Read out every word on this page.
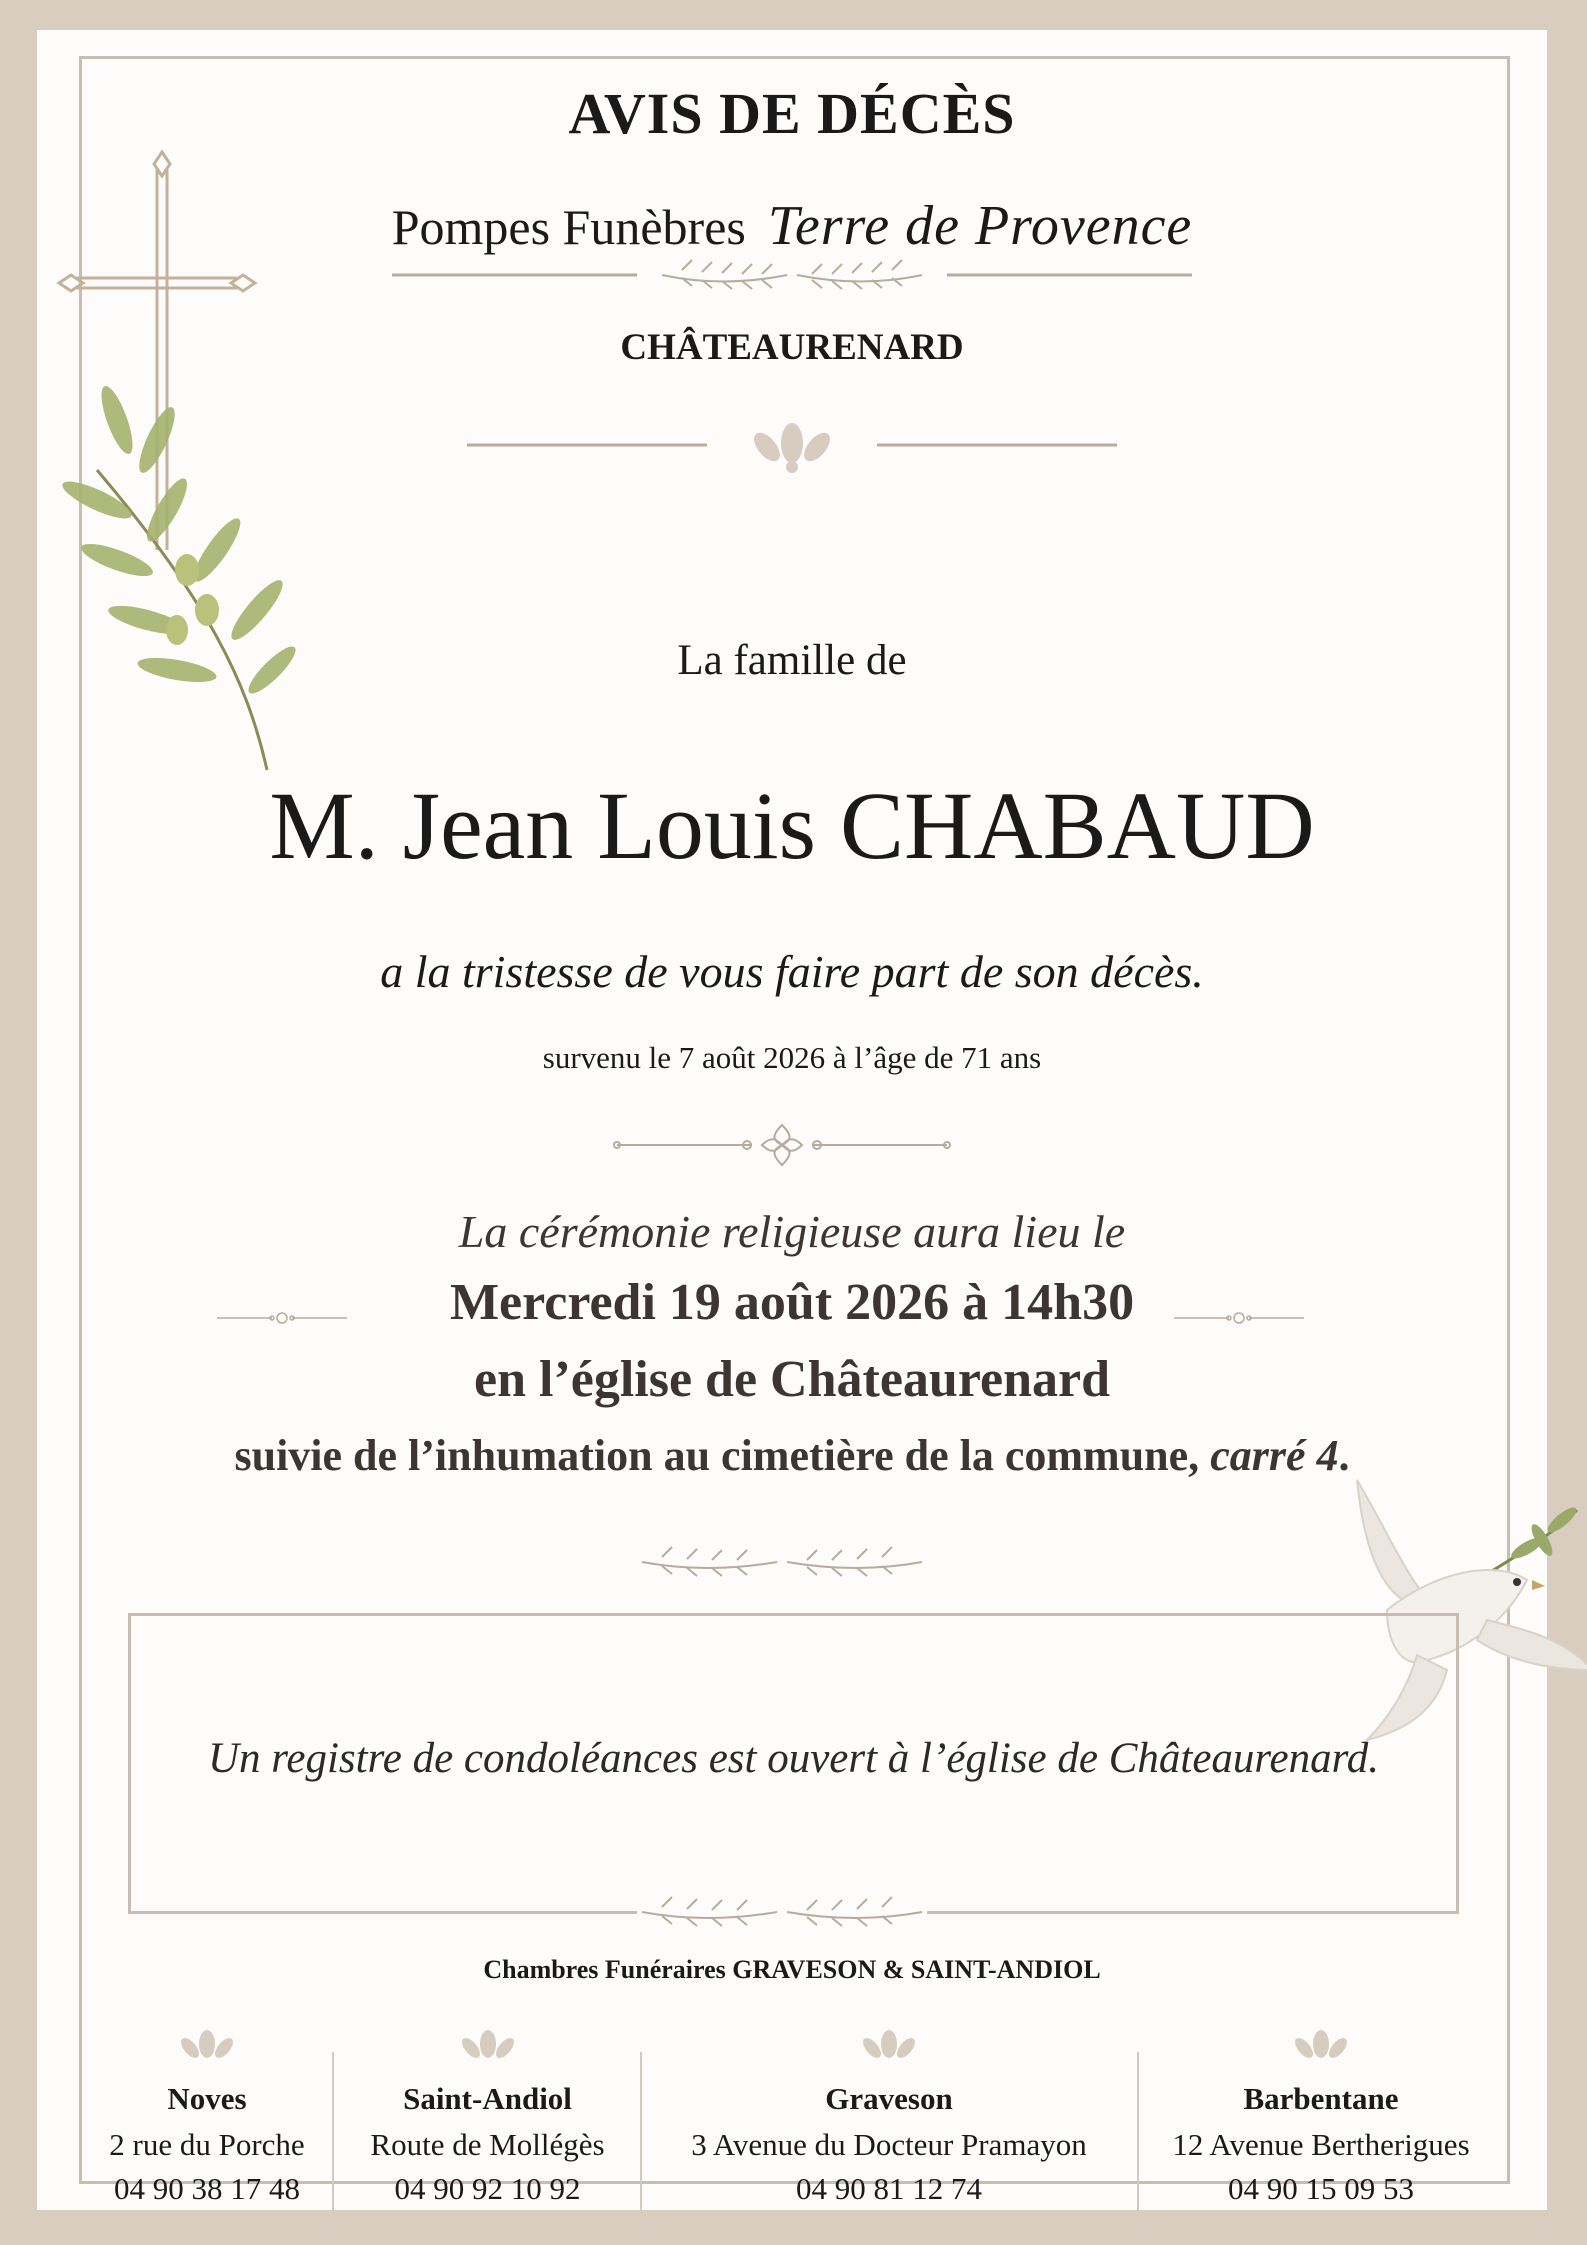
AVIS DE DÉCÈS
Pompes Funèbres Terre de Provence
CHÂTEAURENARD
La famille de
M. Jean Louis CHABAUD
a la tristesse de vous faire part de son décès.
survenu le 7 août 2026 à l’âge de 71 ans
La cérémonie religieuse aura lieu le
Mercredi 19 août 2026 à 14h30
en l’église de Châteaurenard
suivie de l’inhumation au cimetière de la commune, carré 4.

Un registre de condoléances est ouvert à l’église de Châteaurenard.

Chambres Funéraires GRAVESON & SAINT-ANDIOL
Noves
2 rue du Porche
04 90 38 17 48
Saint-Andiol
Route de Mollégès
04 90 92 10 92
Graveson
3 Avenue du Docteur Pramayon
04 90 81 12 74
Barbentane
12 Avenue Bertherigues
04 90 15 09 53
